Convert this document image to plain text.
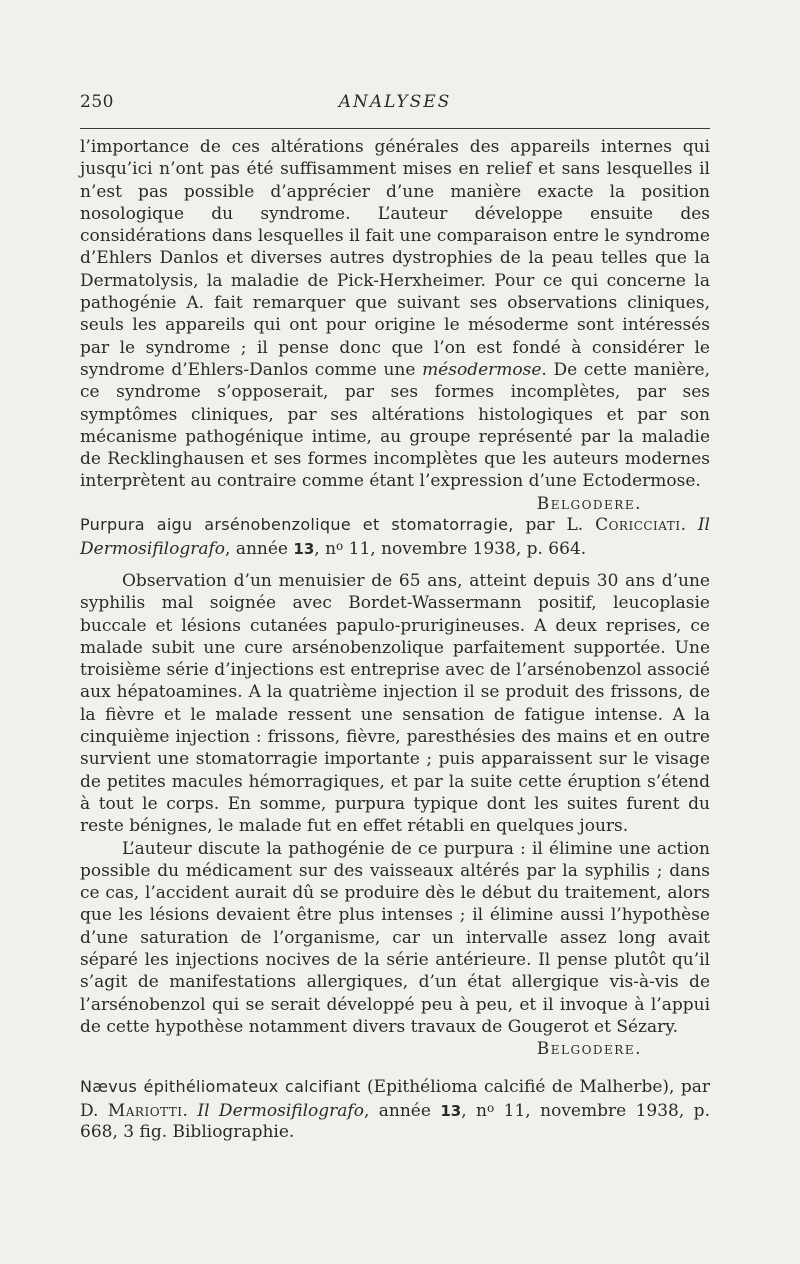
250	ANALYSES

l’importance de ces altérations générales des appareils internes qui jusqu’ici n’ont pas été suffisamment mises en relief et sans lesquelles il n’est pas possible d’apprécier d’une manière exacte la position nosologique du syndrome. L’auteur développe ensuite des considérations dans lesquelles il fait une comparaison entre le syndrome d’Ehlers Danlos et diverses autres dystrophies de la peau telles que la Dermatolysis, la maladie de Pick-Herxheimer. Pour ce qui concerne la pathogénie A. fait remarquer que suivant ses observations cliniques, seuls les appareils qui ont pour origine le mésoderme sont intéressés par le syndrome ; il pense donc que l’on est fondé à considérer le syndrome d’Ehlers-Danlos comme une mésodermose. De cette manière, ce syndrome s’opposerait, par ses formes incomplètes, par ses symptômes cliniques, par ses altérations histologiques et par son mécanisme pathogénique intime, au groupe représenté par la maladie de Recklinghausen et ses formes incomplètes que les auteurs modernes interprètent au contraire comme étant l’expression d’une Ectodermose.
Belgodere.

Purpura aigu arsénobenzolique et stomatorragie, par L. Coricciati. Il Dermosifilografo, année 13, $n^o$ 11, novembre 1938, p. 664.

Observation d’un menuisier de 65 ans, atteint depuis 30 ans d’une syphilis mal soignée avec Bordet-Wassermann positif, leucoplasie buccale et lésions cutanées papulo-prurigineuses. A deux reprises, ce malade subit une cure arsénobenzolique parfaitement supportée. Une troisième série d’injections est entreprise avec de l’arsénobenzol associé aux hépatoamines. A la quatrième injection il se produit des frissons, de la fièvre et le malade ressent une sensation de fatigue intense. A la cinquième injection : frissons, fièvre, paresthésies des mains et en outre survient une stomatorragie importante ; puis apparaissent sur le visage de petites macules hémorragiques, et par la suite cette éruption s’étend à tout le corps. En somme, purpura typique dont les suites furent du reste bénignes, le malade fut en effet rétabli en quelques jours.

L’auteur discute la pathogénie de ce purpura : il élimine une action possible du médicament sur des vaisseaux altérés par la syphilis ; dans ce cas, l’accident aurait dû se produire dès le début du traitement, alors que les lésions devaient être plus intenses ; il élimine aussi l’hypothèse d’une saturation de l’organisme, car un intervalle assez long avait séparé les injections nocives de la série antérieure. Il pense plutôt qu’il s’agit de manifestations allergiques, d’un état allergique vis-à-vis de l’arsénobenzol qui se serait développé peu à peu, et il invoque à l’appui de cette hypothèse notamment divers travaux de Gougerot et Sézary.

Belgodere.

Nævus épithéliomateux calcifiant (Epithélioma calcifié de Malherbe), par D. Mariotti. Il Dermosifilografo, année 13, $n^o$ 11, novembre 1938, p. 668, 3 fig. Bibliographie.
